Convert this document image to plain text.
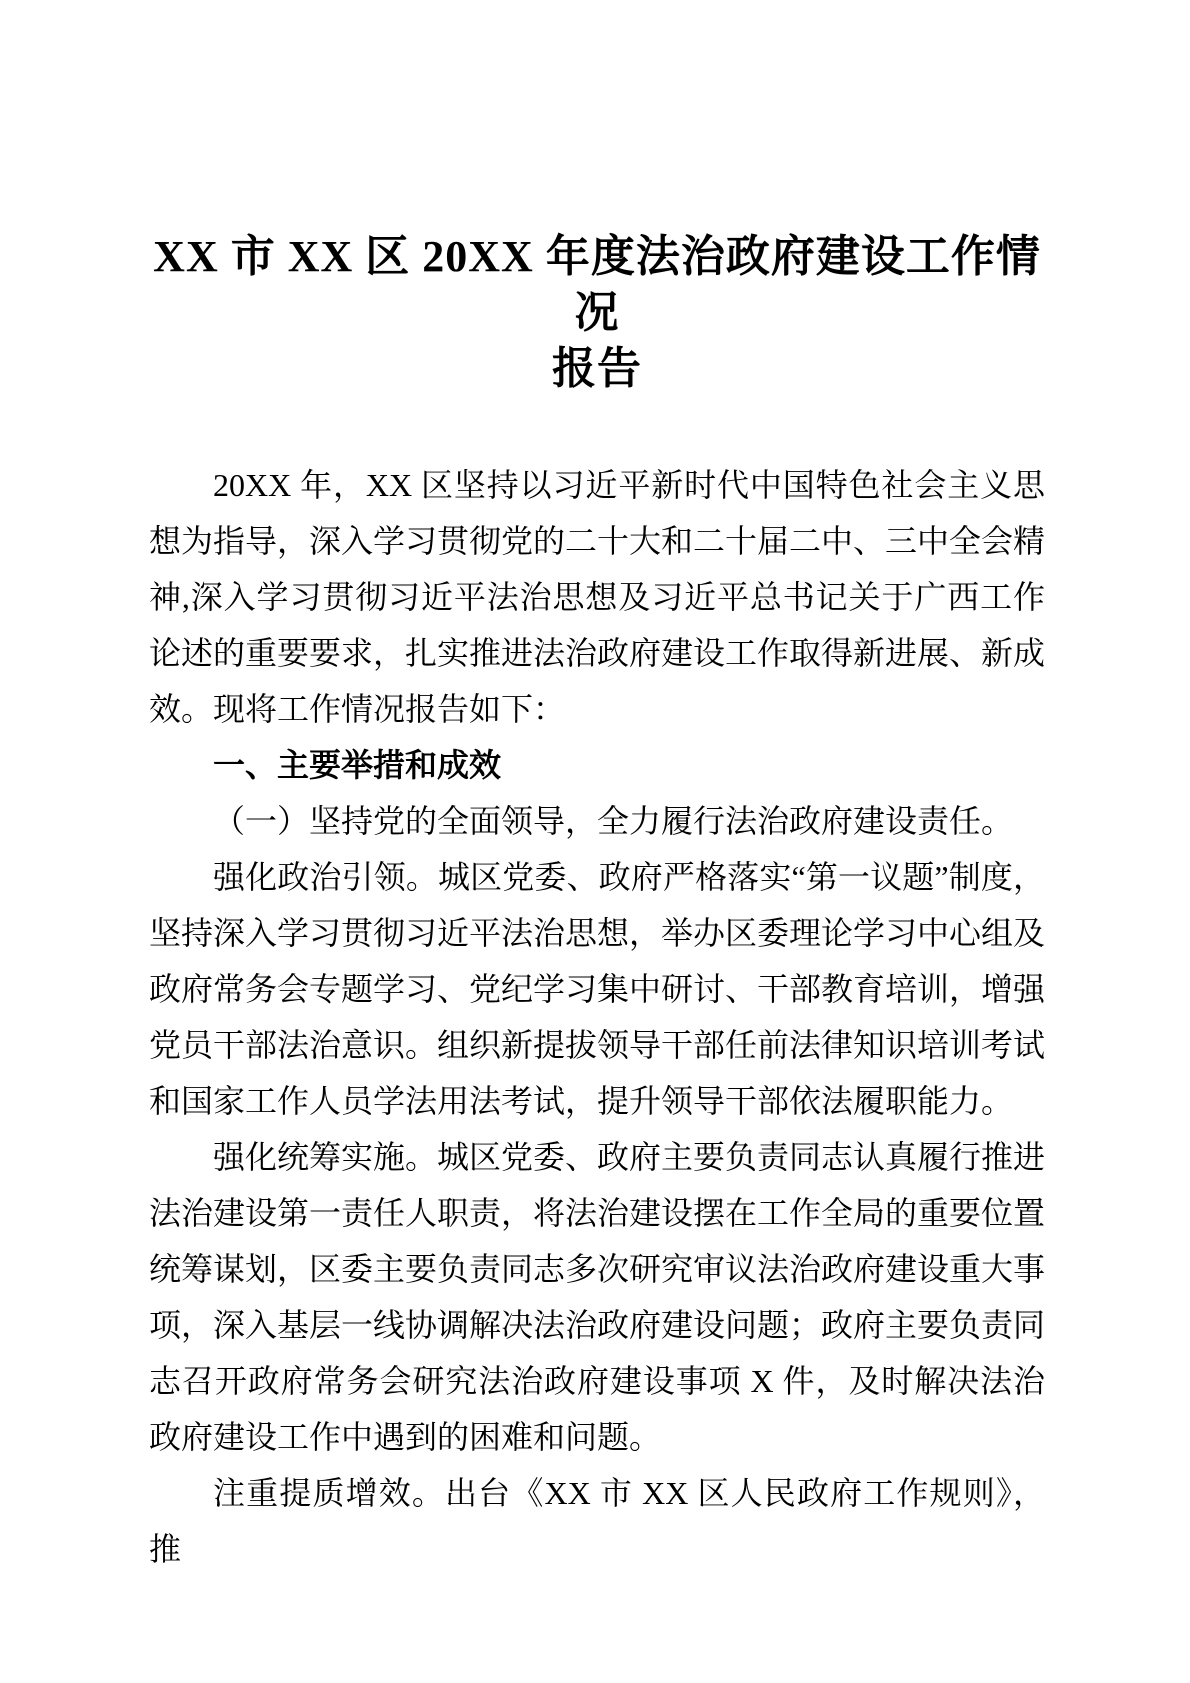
XX 市 XX 区 20XX 年度法治政府建设工作情况
报告

20XX 年，XX 区坚持以习近平新时代中国特色社会主义思想为指导，深入学习贯彻党的二十大和二十届二中、三中全会精神,深入学习贯彻习近平法治思想及习近平总书记关于广西工作论述的重要要求，扎实推进法治政府建设工作取得新进展、新成效。现将工作情况报告如下：

一、主要举措和成效

（一）坚持党的全面领导，全力履行法治政府建设责任。

强化政治引领。城区党委、政府严格落实“第一议题”制度，坚持深入学习贯彻习近平法治思想，举办区委理论学习中心组及政府常务会专题学习、党纪学习集中研讨、干部教育培训，增强党员干部法治意识。组织新提拔领导干部任前法律知识培训考试和国家工作人员学法用法考试，提升领导干部依法履职能力。

强化统筹实施。城区党委、政府主要负责同志认真履行推进法治建设第一责任人职责，将法治建设摆在工作全局的重要位置统筹谋划，区委主要负责同志多次研究审议法治政府建设重大事项，深入基层一线协调解决法治政府建设问题；政府主要负责同志召开政府常务会研究法治政府建设事项 X 件，及时解决法治政府建设工作中遇到的困难和问题。

注重提质增效。出台《XX 市 XX 区人民政府工作规则》，推
